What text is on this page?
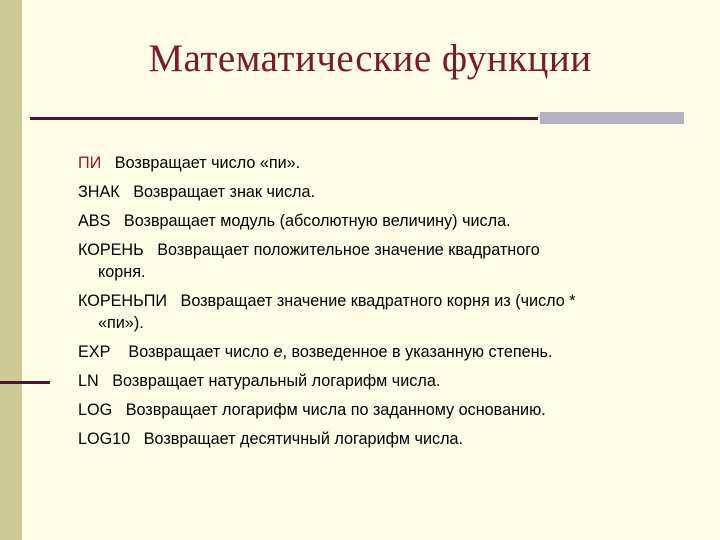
Математические функции
ПИ Возвращает число «пи».
ЗНАК Возвращает знак числа.
ABS Возвращает модуль (абсолютную величину) числа.
КОРЕНЬ Возвращает положительное значение квадратного
корня.
КОРЕНЬПИ Возвращает значение квадратного корня из (число *
«пи»).
EXP Возвращает число e, возведенное в указанную степень.
LN Возвращает натуральный логарифм числа.
LOG Возвращает логарифм числа по заданному основанию.
LOG10 Возвращает десятичный логарифм числа.
